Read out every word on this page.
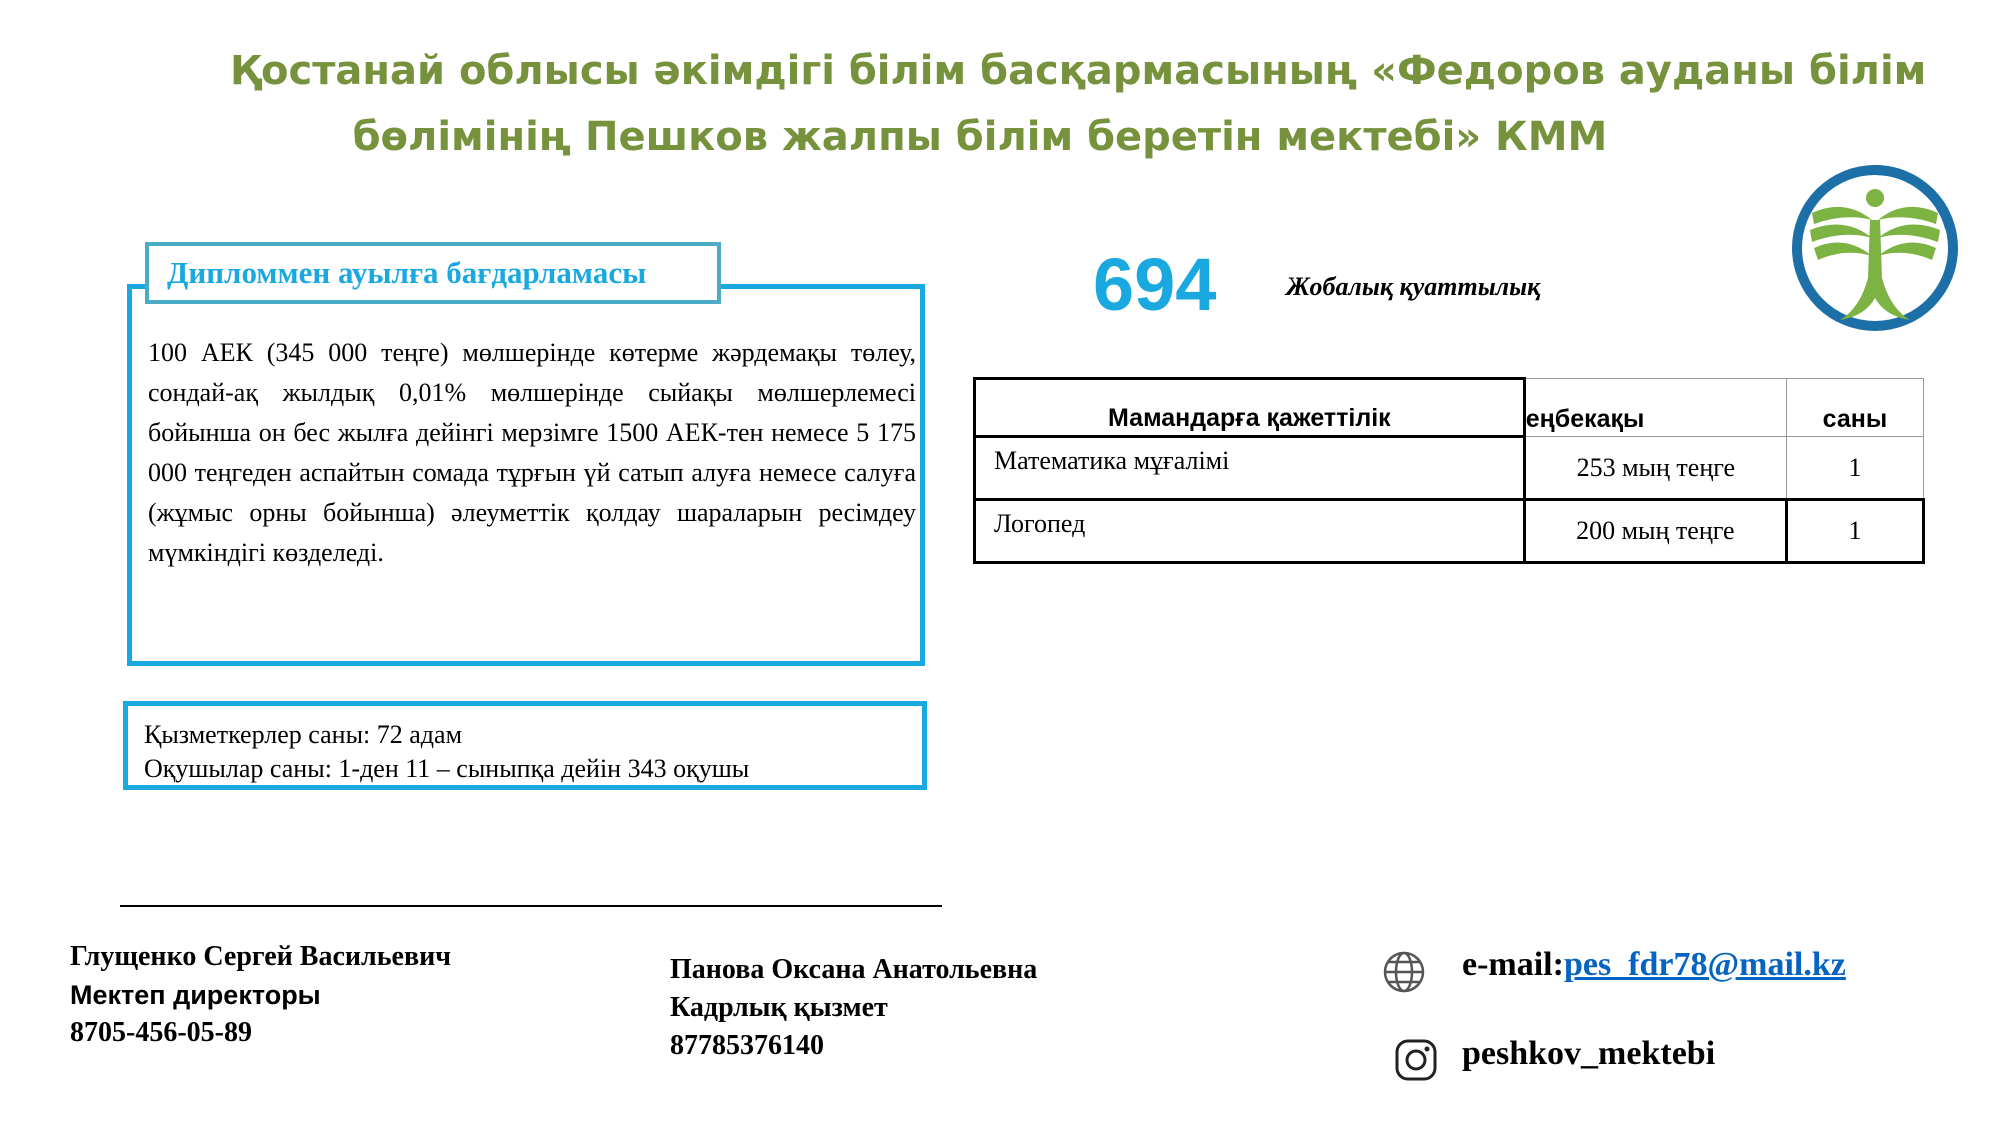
Қостанай облысы әкімдігі білім басқармасының «Федоров ауданы білім
бөлімінің Пешков жалпы білім беретін мектебі» КММ
Дипломмен ауылға бағдарламасы
100 АЕК (345 000 теңге) мөлшерінде көтерме жәрдемақы төлеу, сондай-ақ жылдық 0,01% мөлшерінде сыйақы мөлшерлемесі бойынша он бес жылға дейінгі мерзімге 1500 АЕК-тен немесе 5 175 000 теңгеден аспайтын сомада тұрғын үй сатып алуға немесе салуға (жұмыс орны бойынша) әлеуметтік қолдау шараларын ресімдеу мүмкіндігі көзделеді.
Қызметкерлер саны: 72 адам
Оқушылар саны: 1-ден 11 – сыныпқа дейін 343 оқушы
694	Жобалық қуаттылық
Мамандарға қажеттілік	еңбекақы	саны
Математика мұғалімі	253 мың теңге	1
Логопед	200 мың теңге	1
Глущенко Сергей Васильевич
Мектеп директоры
8705-456-05-89
Панова Оксана Анатольевна
Кадрлық қызмет
87785376140
e-mail:pes_fdr78@mail.kz
peshkov_mektebi
